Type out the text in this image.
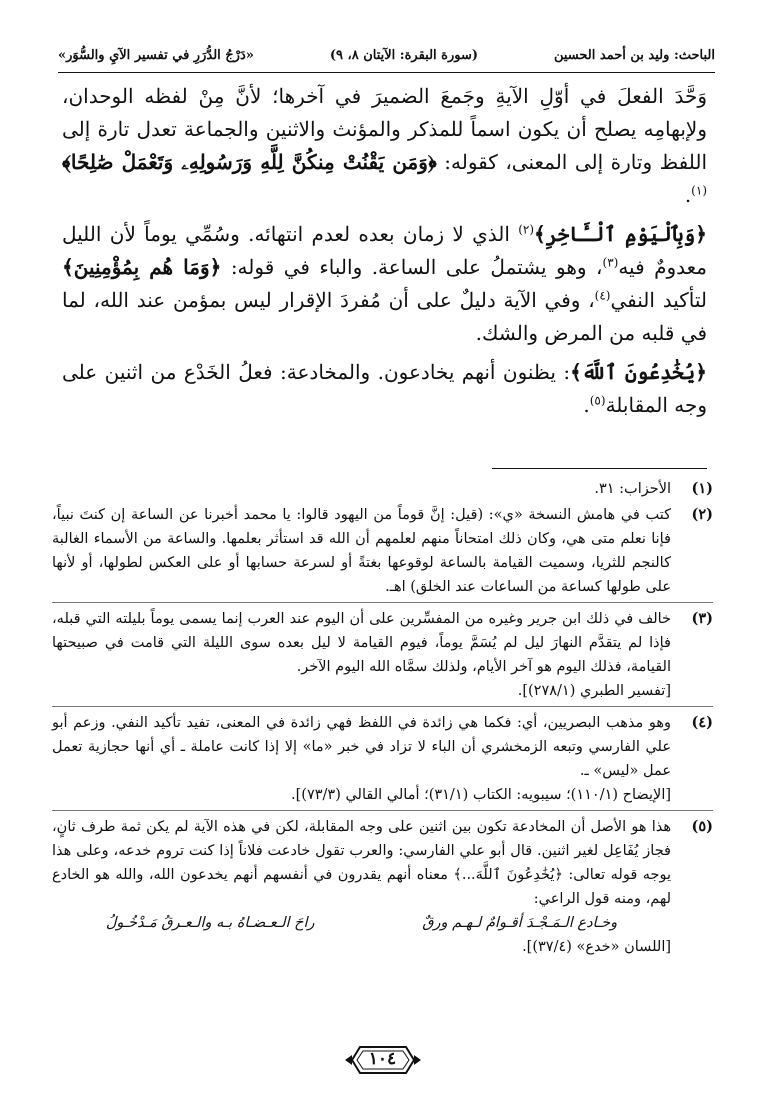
الباحث: وليد بن أحمد الحسين
(سورة البقرة: الآيتان ٨، ٩)
«دَرْجُ الدُّرَرِ في تفسير الآيِ والسُّوَر»

وَحَّدَ الفعلَ في أوّلِ الآيةِ وجَمعَ الضميرَ في آخرها؛ لأنَّ مِنْ لفظه الوحدان، ولإبهامِه يصلح أن يكون اسماً للمذكر والمؤنث والاثنين والجماعة تعدل تارة إلى اللفظ وتارة إلى المعنى، كقوله: ﴿وَمَن يَقْنُتْ مِنكُنَّ لِلَّهِ وَرَسُولِهِۦ وَتَعْمَلْ صَٰلِحًا﴾$^{(١)}$.

﴿وَبِٱلْيَوْمِ ٱلْـَٔاخِرِ﴾$^{(٢)}$ الذي لا زمان بعده لعدم انتهائه. وسُمِّي يوماً لأن الليل معدومٌ فيه$^{(٣)}$، وهو يشتملُ على الساعة. والباء في قوله: ﴿وَمَا هُم بِمُؤْمِنِينَ﴾ لتأكيد النفي$^{(٤)}$، وفي الآية دليلٌ على أن مُفردَ الإقرار ليس بمؤمن عند الله، لما في قلبه من المرض والشك.

﴿يُخَٰدِعُونَ ٱللَّهَ﴾: يظنون أنهم يخادعون. والمخادعة: فعلُ الخَدْع من اثنين على وجه المقابلة$^{(٥)}$.

(١)

الأحزاب: ٣١.

(٢)

كتب في هامش النسخة «ي»: (قيل: إنَّ قوماً من اليهود قالوا: يا محمد أخبرنا عن الساعة إن كنتَ نبياً، فإنا نعلم متى هي، وكان ذلك امتحاناً منهم لعلمهم أن الله قد استأثر بعلمها. والساعة من الأسماء الغالبة كالنجم للثريا، وسميت القيامة بالساعة لوقوعها بغتةً أو لسرعة حسابها أو على العكس لطولها، أو لأنها على طولها كساعة من الساعات عند الخلق) اهـ.

(٣)

خالف في ذلك ابن جرير وغيره من المفسِّرين على أن اليوم عند العرب إنما يسمى يوماً بليلته التي قبله، فإذا لم يتقدَّم النهارَ ليل لم يُسَمَّ يوماً، فيوم القيامة لا ليل بعده سوى الليلة التي قامت في صبيحتها القيامة، فذلك اليوم هو آخر الأيام، ولذلك سمَّاه الله اليوم الآخر.

[تفسير الطبري (٢٧٨/١)].

(٤)

وهو مذهب البصريين، أي: فكما هي زائدة في اللفظ فهي زائدة في المعنى، تفيد تأكيد النفي. وزعم أبو علي الفارسي وتبعه الزمخشري أن الباء لا تزاد في خبر «ما» إلا إذا كانت عاملة ـ أي أنها حجازية تعمل عمل «ليس» ـ.

[الإيضاح (١١٠/١)؛ سيبويه: الكتاب (٣١/١)؛ أمالي القالي (٧٣/٣)].

(٥)

هذا هو الأصل أن المخادعة تكون بين اثنين على وجه المقابلة، لكن في هذه الآية لم يكن ثمة طرف ثانٍ، فجاز يُفَاعِل لغير اثنين. قال أبو علي الفارسي: والعرب تقول خادعت فلاناً إذا كنت تروم خدعه، وعلى هذا يوجه قوله تعالى: ﴿يُخَٰدِعُونَ ٱللَّهَ...﴾ معناه أنهم يقدرون في أنفسهم أنهم يخدعون الله، والله هو الخادع لهم، ومنه قول الراعي:

وخـادع الـمَـجْـدَ أقـوامٌ لـهـم ورقٌ
راحَ الـعـضـاهُ بـه والـعـرقُ مَـدْخُـولُ

[اللسان «خدع» (٣٧/٤)].

١٠٤
